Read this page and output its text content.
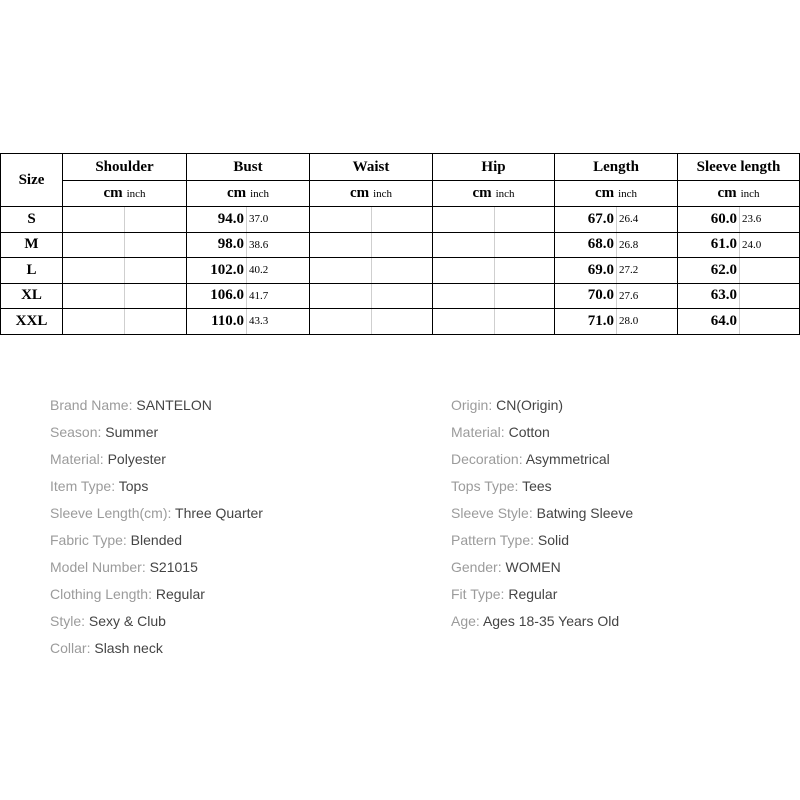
Size	Shoulder		Bust		Waist		Hip		Length		Sleeve length	
	cm inch		cm inch		cm inch		cm inch		cm inch		cm inch	
S			94.0	37.0					67.0	26.4	60.0	23.6
M			98.0	38.6					68.0	26.8	61.0	24.0
L			102.0	40.2					69.0	27.2	62.0	
XL			106.0	41.7					70.0	27.6	63.0	
XXL			110.0	43.3					71.0	28.0	64.0	
Brand Name: SANTELON
Season: Summer
Material: Polyester
Item Type: Tops
Sleeve Length(cm): Three Quarter
Fabric Type: Blended
Model Number: S21015
Clothing Length: Regular
Style: Sexy & Club
Collar: Slash neck
Origin: CN(Origin)
Material: Cotton
Decoration: Asymmetrical
Tops Type: Tees
Sleeve Style: Batwing Sleeve
Pattern Type: Solid
Gender: WOMEN
Fit Type: Regular
Age: Ages 18-35 Years Old
